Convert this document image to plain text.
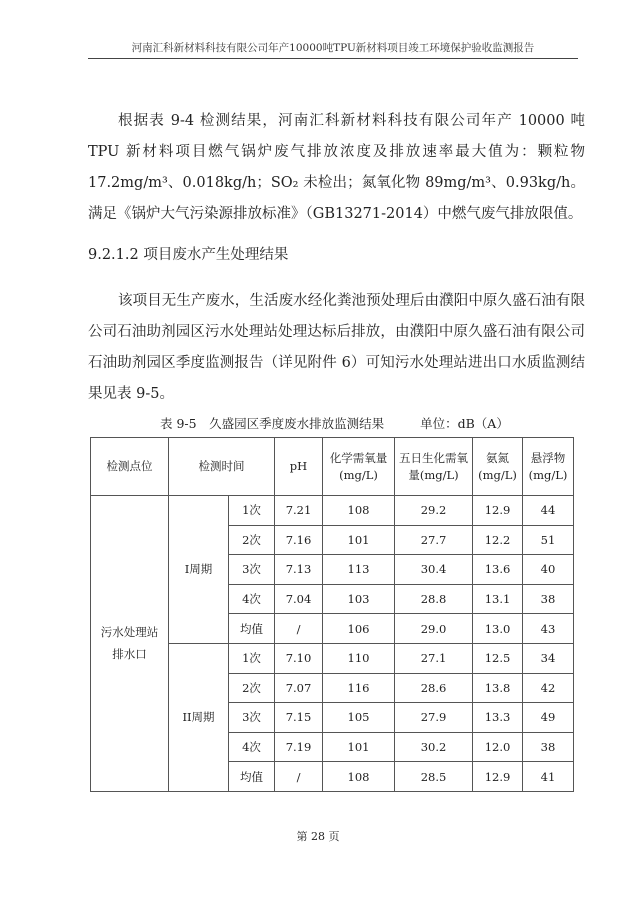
河南汇科新材料科技有限公司年产10000吨TPU新材料项目竣工环境保护验收监测报告

根据表 9-4 检测结果，河南汇科新材料科技有限公司年产 10000 吨 TPU 新材料项目燃气锅炉废气排放浓度及排放速率最大值为：颗粒物 17.2mg/m³、0.018kg/h；SO₂ 未检出；氮氧化物 89mg/m³、0.93kg/h。满足《锅炉大气污染源排放标准》（GB13271-2014）中燃气废气排放限值。

9.2.1.2 项目废水产生处理结果

该项目无生产废水，生活废水经化粪池预处理后由濮阳中原久盛石油有限公司石油助剂园区污水处理站处理达标后排放，由濮阳中原久盛石油有限公司石油助剂园区季度监测报告（详见附件 6）可知污水处理站进出口水质监测结果见表 9-5。

表 9-5　久盛园区季度废水排放监测结果	单位：dB（A）
检测点位	检测时间		pH	化学需氧量(mg/L)	五日生化需氧量(mg/L)	氨氮(mg/L)	悬浮物(mg/L)
污水处理站排水口	I周期	1次	7.21	108	29.2	12.9	44
		2次	7.16	101	27.7	12.2	51
		3次	7.13	113	30.4	13.6	40
		4次	7.04	103	28.8	13.1	38
		均值	/	106	29.0	13.0	43
	II周期	1次	7.10	110	27.1	12.5	34
		2次	7.07	116	28.6	13.8	42
		3次	7.15	105	27.9	13.3	49
		4次	7.19	101	30.2	12.0	38
		均值	/	108	28.5	12.9	41
第 28 页
